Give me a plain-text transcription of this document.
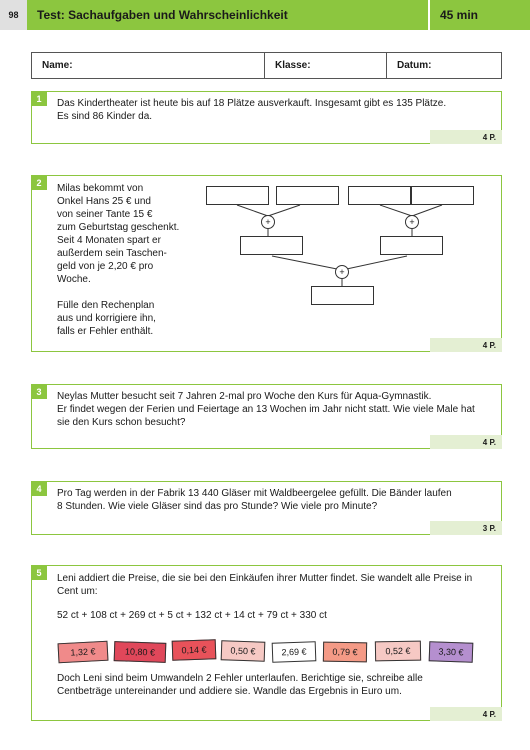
98	Test: Sachaufgaben und Wahrscheinlichkeit	45 min
Name:	Klasse:	Datum:
1	Das Kindertheater ist heute bis auf 18 Plätze ausverkauft. Insgesamt gibt es 135 Plätze.
Es sind 86 Kinder da.
4 P.
2
Milas bekommt von
Onkel Hans 25 € und
von seiner Tante 15 €
zum Geburtstag geschenkt.
Seit 4 Monaten spart er
außerdem sein Taschen-
geld von je 2,20 € pro
Woche.
Fülle den Rechenplan
aus und korrigiere ihn,
falls er Fehler enthält.
+	+
+
4 P.
3	Neylas Mutter besucht seit 7 Jahren 2-mal pro Woche den Kurs für Aqua-Gymnastik.
Er findet wegen der Ferien und Feiertage an 13 Wochen im Jahr nicht statt. Wie viele Male hat
sie den Kurs schon besucht?
4 P.
4	Pro Tag werden in der Fabrik 13 440 Gläser mit Waldbeergelee gefüllt. Die Bänder laufen
8 Stunden. Wie viele Gläser sind das pro Stunde? Wie viele pro Minute?
3 P.
5
Leni addiert die Preise, die sie bei den Einkäufen ihrer Mutter findet. Sie wandelt alle Preise in
Cent um:
52 ct + 108 ct + 269 ct + 5 ct + 132 ct + 14 ct + 79 ct + 330 ct
1,32 €	10,80 €	0,14 €	0,50 €	2,69 €	0,79 €	0,52 €	3,30 €
Doch Leni sind beim Umwandeln 2 Fehler unterlaufen. Berichtige sie, schreibe alle
Centbeträge untereinander und addiere sie. Wandle das Ergebnis in Euro um.
4 P.
